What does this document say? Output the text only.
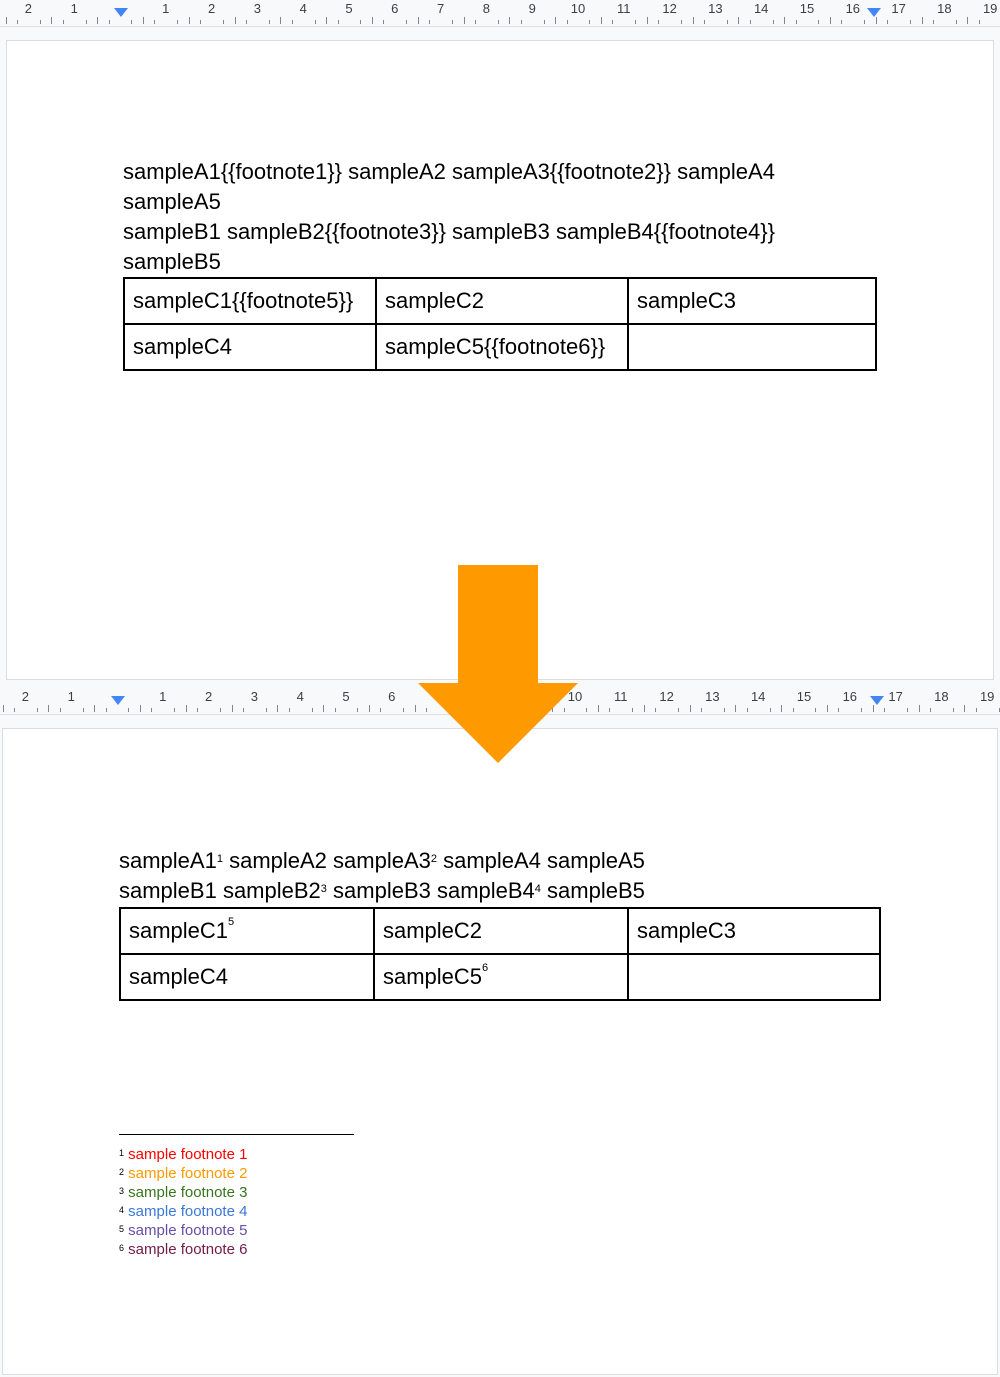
2	1	1	2	3	4	5	6	7	8	9	10 11 12 13 14 15 16 17 18 19
sampleA1{{footnote1}} sampleA2 sampleA3{{footnote2}} sampleA4
sampleA5
sampleB1 sampleB2{{footnote3}} sampleB3 sampleB4{{footnote4}}
sampleB5
sampleC1{{footnote5}}	sampleC2	sampleC3
sampleC4	sampleC5{{footnote6}}	
2	1	1	2	3	4	5	6	10 11 12 13 14 15 16 17 18 19
$sampleA1^1$ sampleA2 $sampleA3^2$ sampleA4 sampleA5
sampleB1 $sampleB2^3$ sampleB3 $sampleB4^4$ sampleB5
$sampleC1^5$	sampleC2	sampleC3
sampleC4	$sampleC5^6$	
$^1$ sample footnote 1
$^2$ sample footnote 2
$^3$ sample footnote 3
$^4$ sample footnote 4
$^5$ sample footnote 5
$^6$ sample footnote 6
